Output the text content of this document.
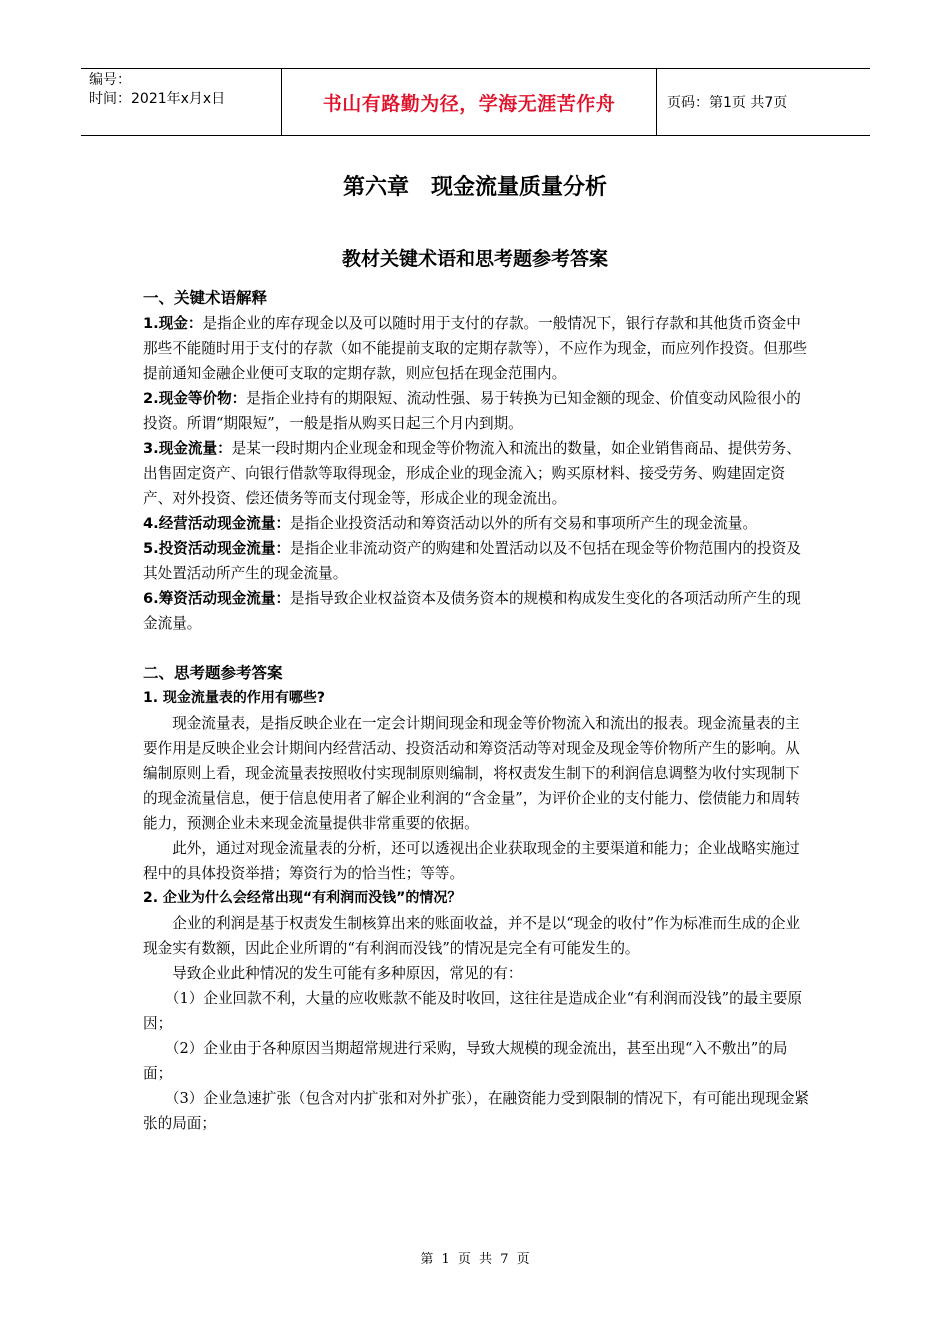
编号：
时间：2021年x月x日	书山有路勤为径，学海无涯苦作舟	页码：第1页 共7页
第六章　现金流量质量分析
教材关键术语和思考题参考答案

一、关键术语解释

1.现金：是指企业的库存现金以及可以随时用于支付的存款。一般情况下，银行存款和其他货币资金中那些不能随时用于支付的存款（如不能提前支取的定期存款等），不应作为现金，而应列作投资。但那些提前通知金融企业便可支取的定期存款，则应包括在现金范围内。

2.现金等价物：是指企业持有的期限短、流动性强、易于转换为已知金额的现金、价值变动风险很小的投资。所谓“期限短”，一般是指从购买日起三个月内到期。

3.现金流量：是某一段时期内企业现金和现金等价物流入和流出的数量，如企业销售商品、提供劳务、出售固定资产、向银行借款等取得现金，形成企业的现金流入；购买原材料、接受劳务、购建固定资产、对外投资、偿还债务等而支付现金等，形成企业的现金流出。

4.经营活动现金流量：是指企业投资活动和筹资活动以外的所有交易和事项所产生的现金流量。

5.投资活动现金流量：是指企业非流动资产的购建和处置活动以及不包括在现金等价物范围内的投资及其处置活动所产生的现金流量。

6.筹资活动现金流量：是指导致企业权益资本及债务资本的规模和构成发生变化的各项活动所产生的现金流量。

二、思考题参考答案

1. 现金流量表的作用有哪些?

现金流量表，是指反映企业在一定会计期间现金和现金等价物流入和流出的报表。现金流量表的主要作用是反映企业会计期间内经营活动、投资活动和筹资活动等对现金及现金等价物所产生的影响。从编制原则上看，现金流量表按照收付实现制原则编制，将权责发生制下的利润信息调整为收付实现制下的现金流量信息，便于信息使用者了解企业利润的“含金量”，为评价企业的支付能力、偿债能力和周转能力，预测企业未来现金流量提供非常重要的依据。

此外，通过对现金流量表的分析，还可以透视出企业获取现金的主要渠道和能力；企业战略实施过程中的具体投资举措；筹资行为的恰当性；等等。

2. 企业为什么会经常出现“有利润而没钱”的情况？

企业的利润是基于权责发生制核算出来的账面收益，并不是以“现金的收付”作为标准而生成的企业现金实有数额，因此企业所谓的“有利润而没钱”的情况是完全有可能发生的。

导致企业此种情况的发生可能有多种原因，常见的有：

（1）企业回款不利，大量的应收账款不能及时收回，这往往是造成企业“有利润而没钱”的最主要原因；

（2）企业由于各种原因当期超常规进行采购，导致大规模的现金流出，甚至出现“入不敷出”的局面；

（3）企业急速扩张（包含对内扩张和对外扩张），在融资能力受到限制的情况下，有可能出现现金紧张的局面；

第 1 页 共 7 页
